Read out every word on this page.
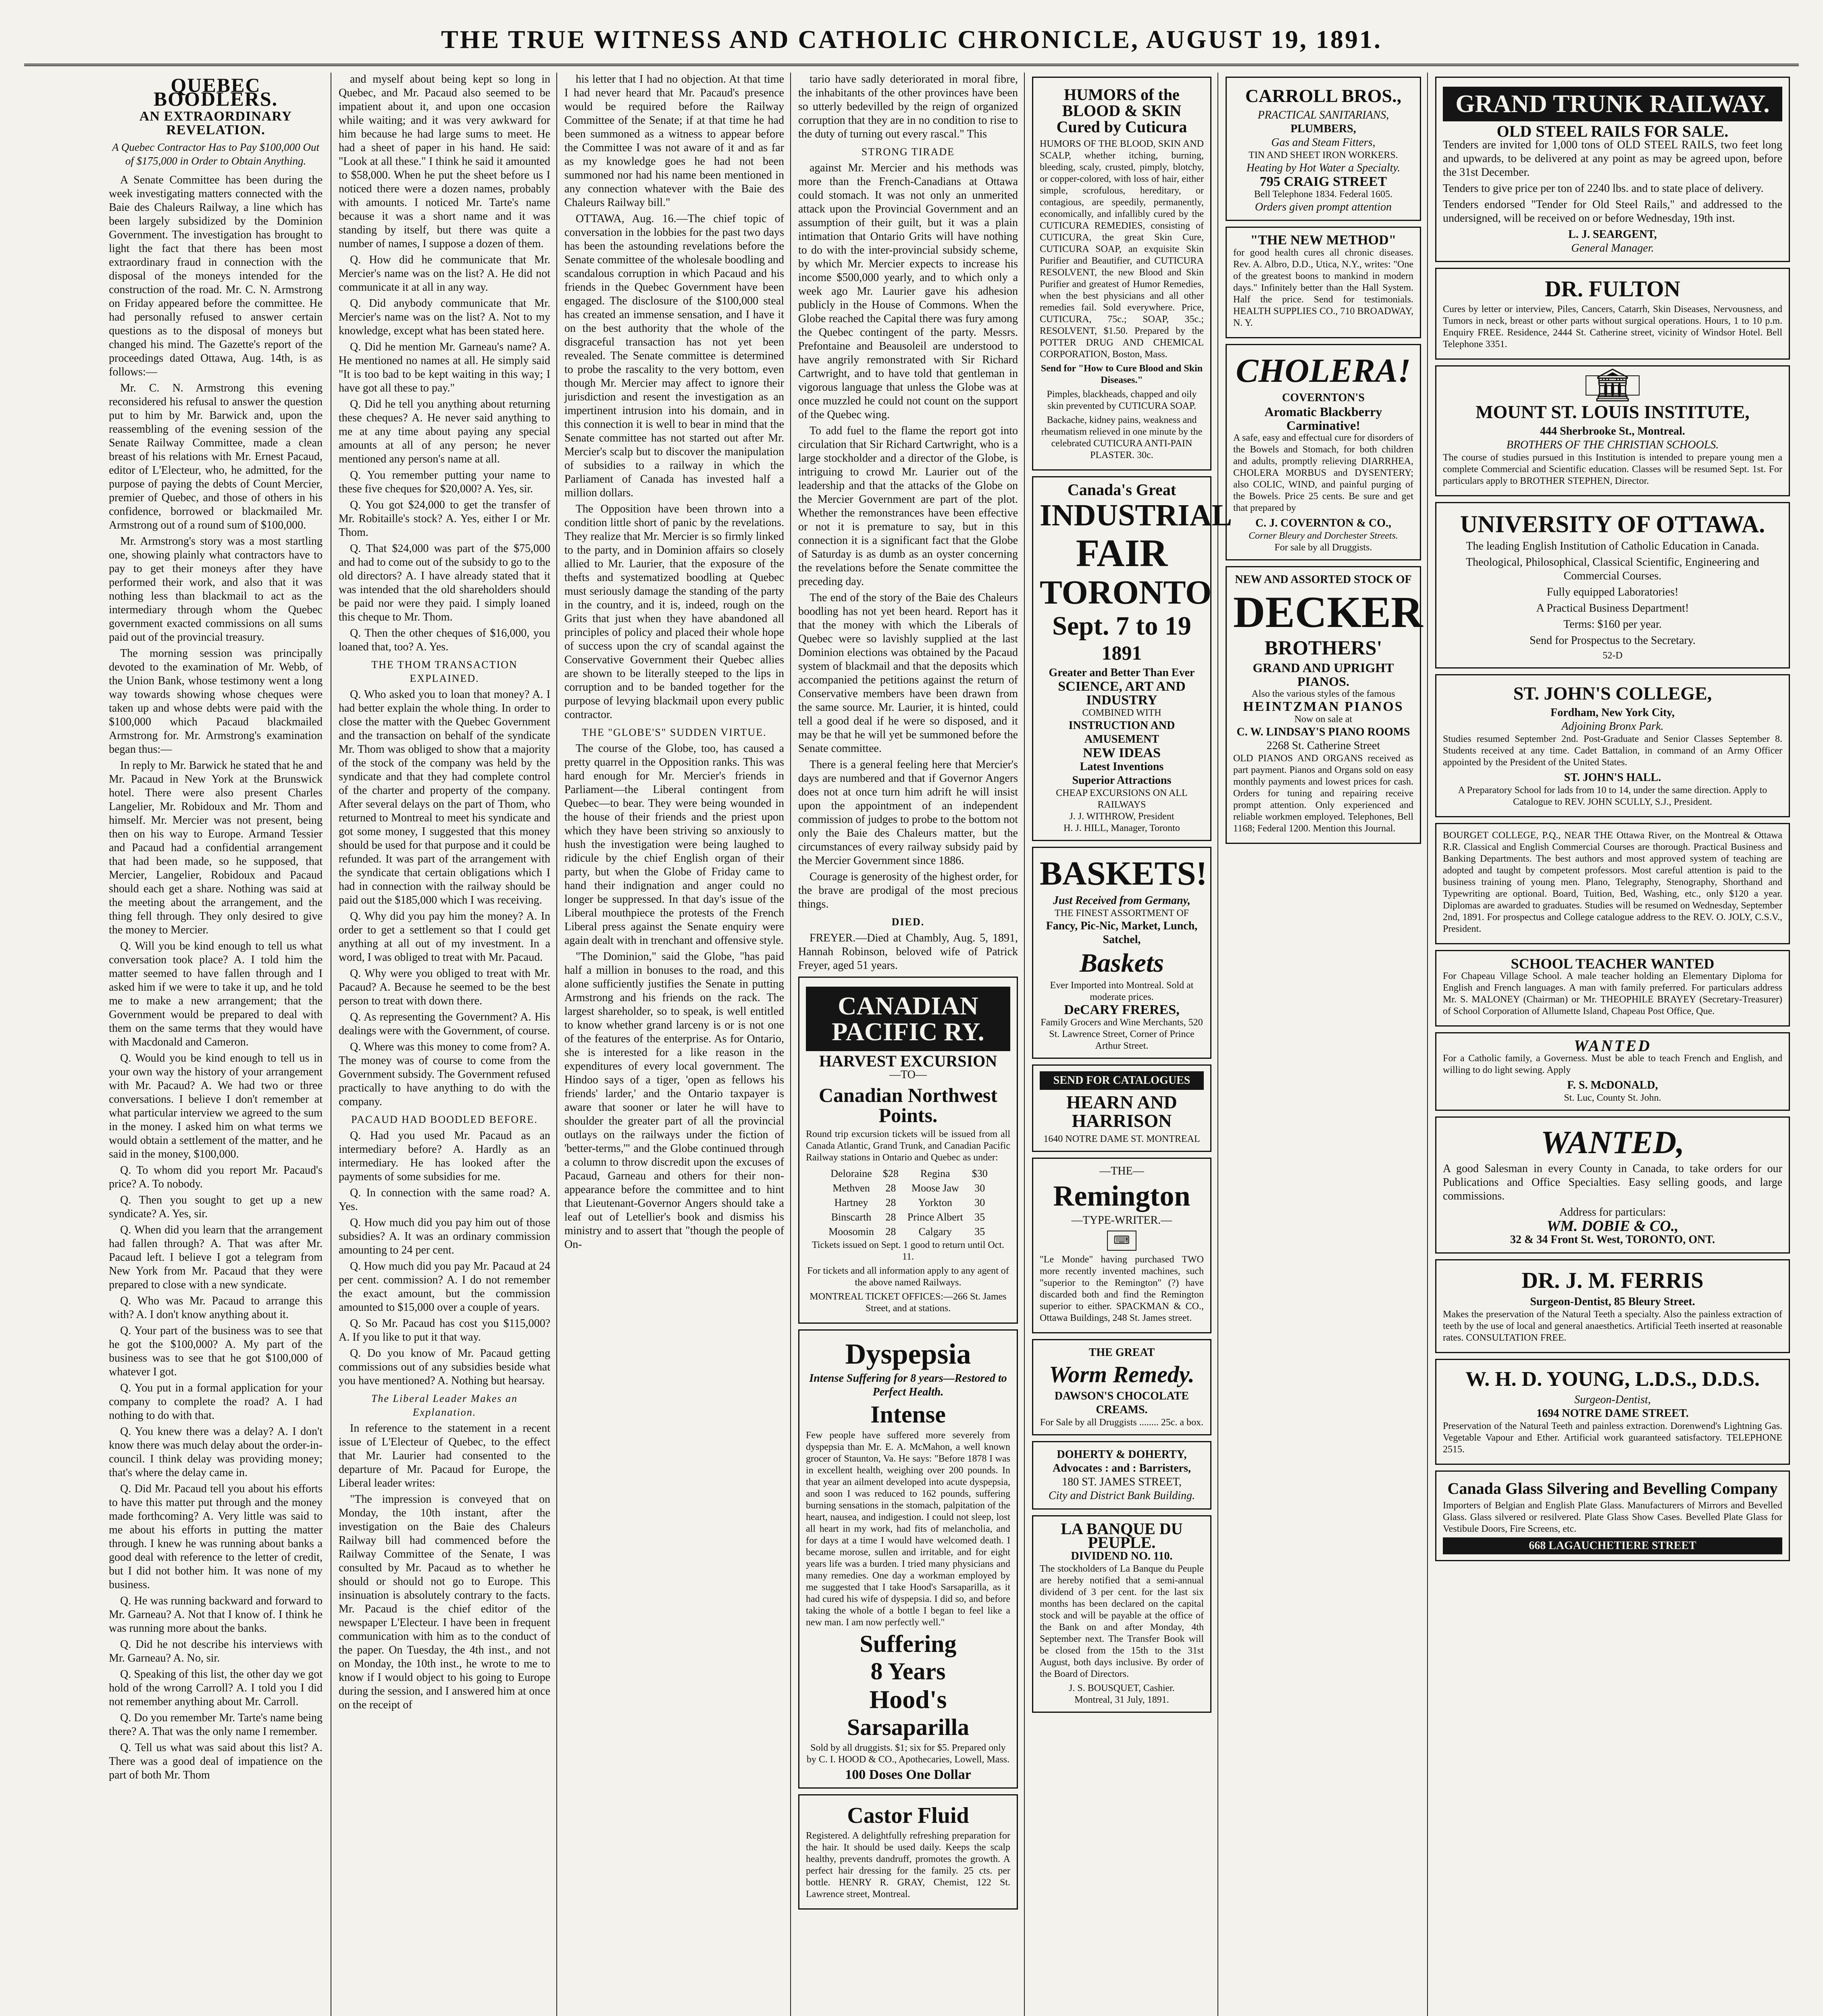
THE TRUE WITNESS AND CATHOLIC CHRONICLE, AUGUST 19, 1891.
QUEBEC BOODLERS.
AN EXTRAORDINARY REVELATION.
A Quebec Contractor Has to Pay $100,000 Out of $175,000 in Order to Obtain Anything.

A Senate Committee has been during the week investigating matters connected with the Baie des Chaleurs Railway, a line which has been largely subsidized by the Dominion Government. The investigation has brought to light the fact that there has been most extraordinary fraud in connection with the disposal of the moneys intended for the construction of the road. Mr. C. N. Armstrong on Friday appeared before the committee. He had personally refused to answer certain questions as to the disposal of moneys but changed his mind. The Gazette's report of the proceedings dated Ottawa, Aug. 14th, is as follows:—

Mr. C. N. Armstrong this evening reconsidered his refusal to answer the question put to him by Mr. Barwick and, upon the reassembling of the evening session of the Senate Railway Committee, made a clean breast of his relations with Mr. Ernest Pacaud, editor of L'Electeur, who, he admitted, for the purpose of paying the debts of Count Mercier, premier of Quebec, and those of others in his confidence, borrowed or blackmailed Mr. Armstrong out of a round sum of $100,000.

Mr. Armstrong's story was a most startling one, showing plainly what contractors have to pay to get their moneys after they have performed their work, and also that it was nothing less than blackmail to act as the intermediary through whom the Quebec government exacted commissions on all sums paid out of the provincial treasury.

The morning session was principally devoted to the examination of Mr. Webb, of the Union Bank, whose testimony went a long way towards showing whose cheques were taken up and whose debts were paid with the $100,000 which Pacaud blackmailed Armstrong for. Mr. Armstrong's examination began thus:—

In reply to Mr. Barwick he stated that he and Mr. Pacaud in New York at the Brunswick hotel. There were also present Charles Langelier, Mr. Robidoux and Mr. Thom and himself. Mr. Mercier was not present, being then on his way to Europe. Armand Tessier and Pacaud had a confidential arrangement that had been made, so he supposed, that Mercier, Langelier, Robidoux and Pacaud should each get a share. Nothing was said at the meeting about the arrangement, and the thing fell through. They only desired to give the money to Mercier.

Q. Will you be kind enough to tell us what conversation took place? A. I told him the matter seemed to have fallen through and I asked him if we were to take it up, and he told me to make a new arrangement; that the Government would be prepared to deal with them on the same terms that they would have with Macdonald and Cameron.

Q. Would you be kind enough to tell us in your own way the history of your arrangement with Mr. Pacaud? A. We had two or three conversations. I believe I don't remember at what particular interview we agreed to the sum in the money. I asked him on what terms we would obtain a settlement of the matter, and he said in the money, $100,000.

Q. To whom did you report Mr. Pacaud's price? A. To nobody.

Q. Then you sought to get up a new syndicate? A. Yes, sir.

Q. When did you learn that the arrangement had fallen through? A. That was after Mr. Pacaud left. I believe I got a telegram from New York from Mr. Pacaud that they were prepared to close with a new syndicate.

Q. Who was Mr. Pacaud to arrange this with? A. I don't know anything about it.

Q. Your part of the business was to see that he got the $100,000? A. My part of the business was to see that he got $100,000 of whatever I got.

Q. You put in a formal application for your company to complete the road? A. I had nothing to do with that.

Q. You knew there was a delay? A. I don't know there was much delay about the order-in-council. I think delay was providing money; that's where the delay came in.

Q. Did Mr. Pacaud tell you about his efforts to have this matter put through and the money made forthcoming? A. Very little was said to me about his efforts in putting the matter through. I knew he was running about banks a good deal with reference to the letter of credit, but I did not bother him. It was none of my business.

Q. He was running backward and forward to Mr. Garneau? A. Not that I know of. I think he was running more about the banks.

Q. Did he not describe his interviews with Mr. Garneau? A. No, sir.

Q. Speaking of this list, the other day we got hold of the wrong Carroll? A. I told you I did not remember anything about Mr. Carroll.

Q. Do you remember Mr. Tarte's name being there? A. That was the only name I remember.

Q. Tell us what was said about this list? A. There was a good deal of impatience on the part of both Mr. Thom

and myself about being kept so long in Quebec, and Mr. Pacaud also seemed to be impatient about it, and upon one occasion while waiting; and it was very awkward for him because he had large sums to meet. He had a sheet of paper in his hand. He said: "Look at all these." I think he said it amounted to $58,000. When he put the sheet before us I noticed there were a dozen names, probably with amounts. I noticed Mr. Tarte's name because it was a short name and it was standing by itself, but there was quite a number of names, I suppose a dozen of them.

Q. How did he communicate that Mr. Mercier's name was on the list? A. He did not communicate it at all in any way.

Q. Did anybody communicate that Mr. Mercier's name was on the list? A. Not to my knowledge, except what has been stated here.

Q. Did he mention Mr. Garneau's name? A. He mentioned no names at all. He simply said "It is too bad to be kept waiting in this way; I have got all these to pay."

Q. Did he tell you anything about returning these cheques? A. He never said anything to me at any time about paying any special amounts at all of any person; he never mentioned any person's name at all.

Q. You remember putting your name to these five cheques for $20,000? A. Yes, sir.

Q. You got $24,000 to get the transfer of Mr. Robitaille's stock? A. Yes, either I or Mr. Thom.

Q. That $24,000 was part of the $75,000 and had to come out of the subsidy to go to the old directors? A. I have already stated that it was intended that the old shareholders should be paid nor were they paid. I simply loaned this cheque to Mr. Thom.

Q. Then the other cheques of $16,000, you loaned that, too? A. Yes.

THE THOM TRANSACTION EXPLAINED.

Q. Who asked you to loan that money? A. I had better explain the whole thing. In order to close the matter with the Quebec Government and the transaction on behalf of the syndicate Mr. Thom was obliged to show that a majority of the stock of the company was held by the syndicate and that they had complete control of the charter and property of the company. After several delays on the part of Thom, who returned to Montreal to meet his syndicate and got some money, I suggested that this money should be used for that purpose and it could be refunded. It was part of the arrangement with the syndicate that certain obligations which I had in connection with the railway should be paid out the $185,000 which I was receiving.

Q. Why did you pay him the money? A. In order to get a settlement so that I could get anything at all out of my investment. In a word, I was obliged to treat with Mr. Pacaud.

Q. Why were you obliged to treat with Mr. Pacaud? A. Because he seemed to be the best person to treat with down there.

Q. As representing the Government? A. His dealings were with the Government, of course.

Q. Where was this money to come from? A. The money was of course to come from the Government subsidy. The Government refused practically to have anything to do with the company.

PACAUD HAD BOODLED BEFORE.

Q. Had you used Mr. Pacaud as an intermediary before? A. Hardly as an intermediary. He has looked after the payments of some subsidies for me.

Q. In connection with the same road? A. Yes.

Q. How much did you pay him out of those subsidies? A. It was an ordinary commission amounting to 24 per cent.

Q. How much did you pay Mr. Pacaud at 24 per cent. commission? A. I do not remember the exact amount, but the commission amounted to $15,000 over a couple of years.

Q. So Mr. Pacaud has cost you $115,000? A. If you like to put it that way.

Q. Do you know of Mr. Pacaud getting commissions out of any subsidies beside what you have mentioned? A. Nothing but hearsay.

The Liberal Leader Makes an Explanation.

In reference to the statement in a recent issue of L'Electeur of Quebec, to the effect that Mr. Laurier had consented to the departure of Mr. Pacaud for Europe, the Liberal leader writes:

"The impression is conveyed that on Monday, the 10th instant, after the investigation on the Baie des Chaleurs Railway bill had commenced before the Railway Committee of the Senate, I was consulted by Mr. Pacaud as to whether he should or should not go to Europe. This insinuation is absolutely contrary to the facts. Mr. Pacaud is the chief editor of the newspaper L'Electeur. I have been in frequent communication with him as to the conduct of the paper. On Tuesday, the 4th inst., and not on Monday, the 10th inst., he wrote to me to know if I would object to his going to Europe during the session, and I answered him at once on the receipt of

his letter that I had no objection. At that time I had never heard that Mr. Pacaud's presence would be required before the Railway Committee of the Senate; if at that time he had been summoned as a witness to appear before the Committee I was not aware of it and as far as my knowledge goes he had not been summoned nor had his name been mentioned in any connection whatever with the Baie des Chaleurs Railway bill."

OTTAWA, Aug. 16.—The chief topic of conversation in the lobbies for the past two days has been the astounding revelations before the Senate committee of the wholesale boodling and scandalous corruption in which Pacaud and his friends in the Quebec Government have been engaged. The disclosure of the $100,000 steal has created an immense sensation, and I have it on the best authority that the whole of the disgraceful transaction has not yet been revealed. The Senate committee is determined to probe the rascality to the very bottom, even though Mr. Mercier may affect to ignore their jurisdiction and resent the investigation as an impertinent intrusion into his domain, and in this connection it is well to bear in mind that the Senate committee has not started out after Mr. Mercier's scalp but to discover the manipulation of subsidies to a railway in which the Parliament of Canada has invested half a million dollars.

The Opposition have been thrown into a condition little short of panic by the revelations. They realize that Mr. Mercier is so firmly linked to the party, and in Dominion affairs so closely allied to Mr. Laurier, that the exposure of the thefts and systematized boodling at Quebec must seriously damage the standing of the party in the country, and it is, indeed, rough on the Grits that just when they have abandoned all principles of policy and placed their whole hope of success upon the cry of scandal against the Conservative Government their Quebec allies are shown to be literally steeped to the lips in corruption and to be banded together for the purpose of levying blackmail upon every public contractor.

THE "GLOBE'S" SUDDEN VIRTUE.

The course of the Globe, too, has caused a pretty quarrel in the Opposition ranks. This was hard enough for Mr. Mercier's friends in Parliament—the Liberal contingent from Quebec—to bear. They were being wounded in the house of their friends and the priest upon which they have been striving so anxiously to hush the investigation were being laughed to ridicule by the chief English organ of their party, but when the Globe of Friday came to hand their indignation and anger could no longer be suppressed. In that day's issue of the Liberal mouthpiece the protests of the French Liberal press against the Senate enquiry were again dealt with in trenchant and offensive style.

"The Dominion," said the Globe, "has paid half a million in bonuses to the road, and this alone sufficiently justifies the Senate in putting Armstrong and his friends on the rack. The largest shareholder, so to speak, is well entitled to know whether grand larceny is or is not one of the features of the enterprise. As for Ontario, she is interested for a like reason in the expenditures of every local government. The Hindoo says of a tiger, 'open as fellows his friends' larder,' and the Ontario taxpayer is aware that sooner or later he will have to shoulder the greater part of all the provincial outlays on the railways under the fiction of 'better-terms,'" and the Globe continued through a column to throw discredit upon the excuses of Pacaud, Garneau and others for their non-appearance before the committee and to hint that Lieutenant-Governor Angers should take a leaf out of Letellier's book and dismiss his ministry and to assert that "though the people of On-

tario have sadly deteriorated in moral fibre, the inhabitants of the other provinces have been so utterly bedevilled by the reign of organized corruption that they are in no condition to rise to the duty of turning out every rascal." This

STRONG TIRADE

against Mr. Mercier and his methods was more than the French-Canadians at Ottawa could stomach. It was not only an unmerited attack upon the Provincial Government and an assumption of their guilt, but it was a plain intimation that Ontario Grits will have nothing to do with the inter-provincial subsidy scheme, by which Mr. Mercier expects to increase his income $500,000 yearly, and to which only a week ago Mr. Laurier gave his adhesion publicly in the House of Commons. When the Globe reached the Capital there was fury among the Quebec contingent of the party. Messrs. Prefontaine and Beausoleil are understood to have angrily remonstrated with Sir Richard Cartwright, and to have told that gentleman in vigorous language that unless the Globe was at once muzzled he could not count on the support of the Quebec wing.

To add fuel to the flame the report got into circulation that Sir Richard Cartwright, who is a large stockholder and a director of the Globe, is intriguing to crowd Mr. Laurier out of the leadership and that the attacks of the Globe on the Mercier Government are part of the plot. Whether the remonstrances have been effective or not it is premature to say, but in this connection it is a significant fact that the Globe of Saturday is as dumb as an oyster concerning the revelations before the Senate committee the preceding day.

The end of the story of the Baie des Chaleurs boodling has not yet been heard. Report has it that the money with which the Liberals of Quebec were so lavishly supplied at the last Dominion elections was obtained by the Pacaud system of blackmail and that the deposits which accompanied the petitions against the return of Conservative members have been drawn from the same source. Mr. Laurier, it is hinted, could tell a good deal if he were so disposed, and it may be that he will yet be summoned before the Senate committee.

There is a general feeling here that Mercier's days are numbered and that if Governor Angers does not at once turn him adrift he will insist upon the appointment of an independent commission of judges to probe to the bottom not only the Baie des Chaleurs matter, but the circumstances of every railway subsidy paid by the Mercier Government since 1886.

Courage is generosity of the highest order, for the brave are prodigal of the most precious things.

DIED.

FREYER.—Died at Chambly, Aug. 5, 1891, Hannah Robinson, beloved wife of Patrick Freyer, aged 51 years.

CANADIAN PACIFIC RY.
HARVEST EXCURSION
—TO—
Canadian Northwest Points.

Round trip excursion tickets will be issued from all Canada Atlantic, Grand Trunk, and Canadian Pacific Railway stations in Ontario and Quebec as under:

Deloraine	$28	Regina	$30
Methven	28	Moose Jaw	30
Hartney	28	Yorkton	30
Binscarth	28	Prince Albert	35
Moosomin	28	Calgary	35

Tickets issued on Sept. 1 good to return until Oct. 11.

For tickets and all information apply to any agent of the above named Railways.

MONTREAL TICKET OFFICES:—266 St. James Street, and at stations.

Dyspepsia
Intense Suffering for 8 years—Restored to Perfect Health.
Intense

Few people have suffered more severely from dyspepsia than Mr. E. A. McMahon, a well known grocer of Staunton, Va. He says: "Before 1878 I was in excellent health, weighing over 200 pounds. In that year an ailment developed into acute dyspepsia, and soon I was reduced to 162 pounds, suffering burning sensations in the stomach, palpitation of the heart, nausea, and indigestion. I could not sleep, lost all heart in my work, had fits of melancholia, and for days at a time I would have welcomed death. I became morose, sullen and irritable, and for eight years life was a burden. I tried many physicians and many remedies. One day a workman employed by me suggested that I take Hood's Sarsaparilla, as it had cured his wife of dyspepsia. I did so, and before taking the whole of a bottle I began to feel like a new man. I am now perfectly well."

Suffering
8 Years
Hood's
Sarsaparilla

Sold by all druggists. $1; six for $5. Prepared only by C. I. HOOD & CO., Apothecaries, Lowell, Mass.

100 Doses One Dollar
Castor Fluid

Registered. A delightfully refreshing preparation for the hair. It should be used daily. Keeps the scalp healthy, prevents dandruff, promotes the growth. A perfect hair dressing for the family. 25 cts. per bottle. HENRY R. GRAY, Chemist, 122 St. Lawrence street, Montreal.

HUMORS of the BLOOD & SKIN Cured by Cuticura

HUMORS OF THE BLOOD, SKIN AND SCALP, whether itching, burning, bleeding, scaly, crusted, pimply, blotchy, or copper-colored, with loss of hair, either simple, scrofulous, hereditary, or contagious, are speedily, permanently, economically, and infallibly cured by the CUTICURA REMEDIES, consisting of CUTICURA, the great Skin Cure, CUTICURA SOAP, an exquisite Skin Purifier and Beautifier, and CUTICURA RESOLVENT, the new Blood and Skin Purifier and greatest of Humor Remedies, when the best physicians and all other remedies fail. Sold everywhere. Price, CUTICURA, 75c.; SOAP, 35c.; RESOLVENT, $1.50. Prepared by the POTTER DRUG AND CHEMICAL CORPORATION, Boston, Mass.

Send for "How to Cure Blood and Skin Diseases."

Pimples, blackheads, chapped and oily skin prevented by CUTICURA SOAP.

Backache, kidney pains, weakness and rheumatism relieved in one minute by the celebrated CUTICURA ANTI-PAIN PLASTER. 30c.

Canada's Great
INDUSTRIAL
FAIR
TORONTO
Sept. 7 to 19
1891
Greater and Better Than Ever
SCIENCE, ART AND INDUSTRY
COMBINED WITH
INSTRUCTION AND AMUSEMENT
NEW IDEAS
Latest Inventions
Superior Attractions
CHEAP EXCURSIONS ON ALL RAILWAYS
J. J. WITHROW, President
H. J. HILL, Manager, Toronto
BASKETS!
Just Received from Germany,
THE FINEST ASSORTMENT OF
Fancy, Pic-Nic, Market, Lunch, Satchel,
Baskets
Ever Imported into Montreal. Sold at moderate prices.
DeCARY FRERES,
Family Grocers and Wine Merchants, 520 St. Lawrence Street, Corner of Prince Arthur Street.
SEND FOR CATALOGUES
HEARN AND HARRISON
1640 NOTRE DAME ST. MONTREAL
—THE—
Remington
—TYPE-WRITER.—
⌨

"Le Monde" having purchased TWO more recently invented machines, such "superior to the Remington" (?) have discarded both and find the Remington superior to either. SPACKMAN & CO., Ottawa Buildings, 248 St. James street.

THE GREAT
Worm Remedy.
DAWSON'S CHOCOLATE CREAMS.
For Sale by all Druggists ........ 25c. a box.
DOHERTY & DOHERTY,
Advocates : and : Barristers,
180 ST. JAMES STREET,
City and District Bank Building.
LA BANQUE DU PEUPLE.
DIVIDEND NO. 110.

The stockholders of La Banque du Peuple are hereby notified that a semi-annual dividend of 3 per cent. for the last six months has been declared on the capital stock and will be payable at the office of the Bank on and after Monday, 4th September next. The Transfer Book will be closed from the 15th to the 31st August, both days inclusive. By order of the Board of Directors.

J. S. BOUSQUET, Cashier.
Montreal, 31 July, 1891.
CARROLL BROS.,
PRACTICAL SANITARIANS,
PLUMBERS,
Gas and Steam Fitters,
TIN AND SHEET IRON WORKERS.
Heating by Hot Water a Specialty.
795 CRAIG STREET
Bell Telephone 1834. Federal 1605.
Orders given prompt attention
"THE NEW METHOD"

for good health cures all chronic diseases. Rev. A. Albro, D.D., Utica, N.Y., writes: "One of the greatest boons to mankind in modern days." Infinitely better than the Hall System. Half the price. Send for testimonials. HEALTH SUPPLIES CO., 710 BROADWAY, N. Y.

CHOLERA!
COVERNTON'S
Aromatic Blackberry Carminative!

A safe, easy and effectual cure for disorders of the Bowels and Stomach, for both children and adults, promptly relieving DIARRHEA, CHOLERA MORBUS and DYSENTERY; also COLIC, WIND, and painful purging of the Bowels. Price 25 cents. Be sure and get that prepared by

C. J. COVERNTON & CO.,
Corner Bleury and Dorchester Streets.
For sale by all Druggists.
NEW AND ASSORTED STOCK OF
DECKER
BROTHERS'
GRAND AND UPRIGHT PIANOS.
Also the various styles of the famous
HEINTZMAN PIANOS
Now on sale at
C. W. LINDSAY'S PIANO ROOMS
2268 St. Catherine Street

OLD PIANOS AND ORGANS received as part payment. Pianos and Organs sold on easy monthly payments and lowest prices for cash. Orders for tuning and repairing receive prompt attention. Only experienced and reliable workmen employed. Telephones, Bell 1168; Federal 1200. Mention this Journal.

GRAND TRUNK RAILWAY.
OLD STEEL RAILS FOR SALE.

Tenders are invited for 1,000 tons of OLD STEEL RAILS, two feet long and upwards, to be delivered at any point as may be agreed upon, before the 31st December.

Tenders to give price per ton of 2240 lbs. and to state place of delivery.

Tenders endorsed "Tender for Old Steel Rails," and addressed to the undersigned, will be received on or before Wednesday, 19th inst.

L. J. SEARGENT,
General Manager.
DR. FULTON

Cures by letter or interview, Piles, Cancers, Catarrh, Skin Diseases, Nervousness, and Tumors in neck, breast or other parts without surgical operations. Hours, 1 to 10 p.m. Enquiry FREE. Residence, 2444 St. Catherine street, vicinity of Windsor Hotel. Bell Telephone 3351.

🏛
MOUNT ST. LOUIS INSTITUTE,
444 Sherbrooke St., Montreal.
BROTHERS OF THE CHRISTIAN SCHOOLS.

The course of studies pursued in this Institution is intended to prepare young men a complete Commercial and Scientific education. Classes will be resumed Sept. 1st. For particulars apply to BROTHER STEPHEN, Director.

UNIVERSITY OF OTTAWA.

The leading English Institution of Catholic Education in Canada.

Theological, Philosophical, Classical Scientific, Engineering and Commercial Courses.

Fully equipped Laboratories!

A Practical Business Department!

Terms: $160 per year.

Send for Prospectus to the Secretary.

52-D
ST. JOHN'S COLLEGE,
Fordham, New York City,
Adjoining Bronx Park.

Studies resumed September 2nd. Post-Graduate and Senior Classes September 8. Students received at any time. Cadet Battalion, in command of an Army Officer appointed by the President of the United States.

ST. JOHN'S HALL.

A Preparatory School for lads from 10 to 14, under the same direction. Apply to Catalogue to REV. JOHN SCULLY, S.J., President.

BOURGET COLLEGE, P.Q., NEAR THE Ottawa River, on the Montreal & Ottawa R.R. Classical and English Commercial Courses are thorough. Practical Business and Banking Departments. The best authors and most approved system of teaching are adopted and taught by competent professors. Most careful attention is paid to the business training of young men. Plano, Telegraphy, Stenography, Shorthand and Typewriting are optional. Board, Tuition, Bed, Washing, etc., only $120 a year. Diplomas are awarded to graduates. Studies will be resumed on Wednesday, September 2nd, 1891. For prospectus and College catalogue address to the REV. O. JOLY, C.S.V., President.

SCHOOL TEACHER WANTED

For Chapeau Village School. A male teacher holding an Elementary Diploma for English and French languages. A man with family preferred. For particulars address Mr. S. MALONEY (Chairman) or Mr. THEOPHILE BRAYEY (Secretary-Treasurer) of School Corporation of Allumette Island, Chapeau Post Office, Que.

WANTED

For a Catholic family, a Governess. Must be able to teach French and English, and willing to do light sewing. Apply

F. S. McDONALD,
St. Luc, County St. John.
WANTED,

A good Salesman in every County in Canada, to take orders for our Publications and Office Specialties. Easy selling goods, and large commissions.

Address for particulars:
WM. DOBIE & CO.,
32 & 34 Front St. West, TORONTO, ONT.
DR. J. M. FERRIS
Surgeon-Dentist, 85 Bleury Street.

Makes the preservation of the Natural Teeth a specialty. Also the painless extraction of teeth by the use of local and general anaesthetics. Artificial Teeth inserted at reasonable rates. CONSULTATION FREE.

W. H. D. YOUNG, L.D.S., D.D.S.
Surgeon-Dentist,
1694 NOTRE DAME STREET.

Preservation of the Natural Teeth and painless extraction. Dorenwend's Lightning Gas. Vegetable Vapour and Ether. Artificial work guaranteed satisfactory. TELEPHONE 2515.

Canada Glass Silvering and Bevelling Company

Importers of Belgian and English Plate Glass. Manufacturers of Mirrors and Bevelled Glass. Glass silvered or resilvered. Plate Glass Show Cases. Bevelled Plate Glass for Vestibule Doors, Fire Screens, etc.

668 LAGAUCHETIERE STREET
